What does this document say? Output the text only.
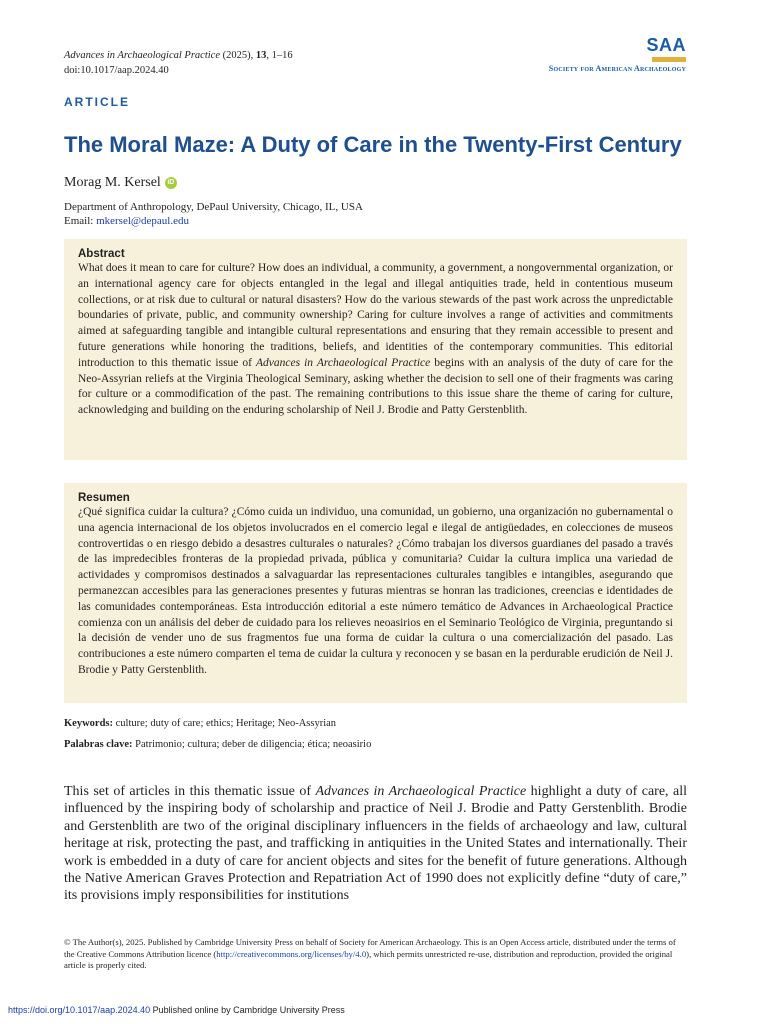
Advances in Archaeological Practice (2025), 13, 1–16
doi:10.1017/aap.2024.40
SAA
Society for American Archaeology
ARTICLE
The Moral Maze: A Duty of Care in the Twenty-First Century
Morag M. Kersel iD
Department of Anthropology, DePaul University, Chicago, IL, USA
Email: mkersel@depaul.edu
Abstract

What does it mean to care for culture? How does an individual, a community, a government, a nongovernmental organization, or an international agency care for objects entangled in the legal and illegal antiquities trade, held in contentious museum collections, or at risk due to cultural or natural disasters? How do the various stewards of the past work across the unpredictable boundaries of private, public, and community ownership? Caring for culture involves a range of activities and commitments aimed at safeguarding tangible and intangible cultural representations and ensuring that they remain accessible to present and future generations while honoring the traditions, beliefs, and identities of the contemporary communities. This editorial introduction to this thematic issue of Advances in Archaeological Practice begins with an analysis of the duty of care for the Neo-Assyrian reliefs at the Virginia Theological Seminary, asking whether the decision to sell one of their fragments was caring for culture or a commodification of the past. The remaining contributions to this issue share the theme of caring for culture, acknowledging and building on the enduring scholarship of Neil J. Brodie and Patty Gerstenblith.

Resumen

¿Qué significa cuidar la cultura? ¿Cómo cuida un individuo, una comunidad, un gobierno, una organización no gubernamental o una agencia internacional de los objetos involucrados en el comercio legal e ilegal de antigüedades, en colecciones de museos controvertidas o en riesgo debido a desastres culturales o naturales? ¿Cómo trabajan los diversos guardianes del pasado a través de las impredecibles fronteras de la propiedad privada, pública y comunitaria? Cuidar la cultura implica una variedad de actividades y compromisos destinados a salvaguardar las representaciones culturales tangibles e intangibles, asegurando que permanezcan accesibles para las generaciones presentes y futuras mientras se honran las tradiciones, creencias e identidades de las comunidades contemporáneas. Esta introducción editorial a este número temático de Advances in Archaeological Practice comienza con un análisis del deber de cuidado para los relieves neoasirios en el Seminario Teológico de Virginia, preguntando si la decisión de vender uno de sus fragmentos fue una forma de cuidar la cultura o una comercialización del pasado. Las contribuciones a este número comparten el tema de cuidar la cultura y reconocen y se basan en la perdurable erudición de Neil J. Brodie y Patty Gerstenblith.

Keywords: culture; duty of care; ethics; Heritage; Neo-Assyrian
Palabras clave: Patrimonio; cultura; deber de diligencia; ética; neoasirio

This set of articles in this thematic issue of Advances in Archaeological Practice highlight a duty of care, all influenced by the inspiring body of scholarship and practice of Neil J. Brodie and Patty Gerstenblith. Brodie and Gerstenblith are two of the original disciplinary influencers in the fields of archaeology and law, cultural heritage at risk, protecting the past, and trafficking in antiquities in the United States and internationally. Their work is embedded in a duty of care for ancient objects and sites for the benefit of future generations. Although the Native American Graves Protection and Repatriation Act of 1990 does not explicitly define “duty of care,” its provisions imply responsibilities for institutions

© The Author(s), 2025. Published by Cambridge University Press on behalf of Society for American Archaeology. This is an Open Access article, distributed under the terms of the Creative Commons Attribution licence (http://creativecommons.org/licenses/by/4.0), which permits unrestricted re-use, distribution and reproduction, provided the original article is properly cited.

https://doi.org/10.1017/aap.2024.40 Published online by Cambridge University Press
